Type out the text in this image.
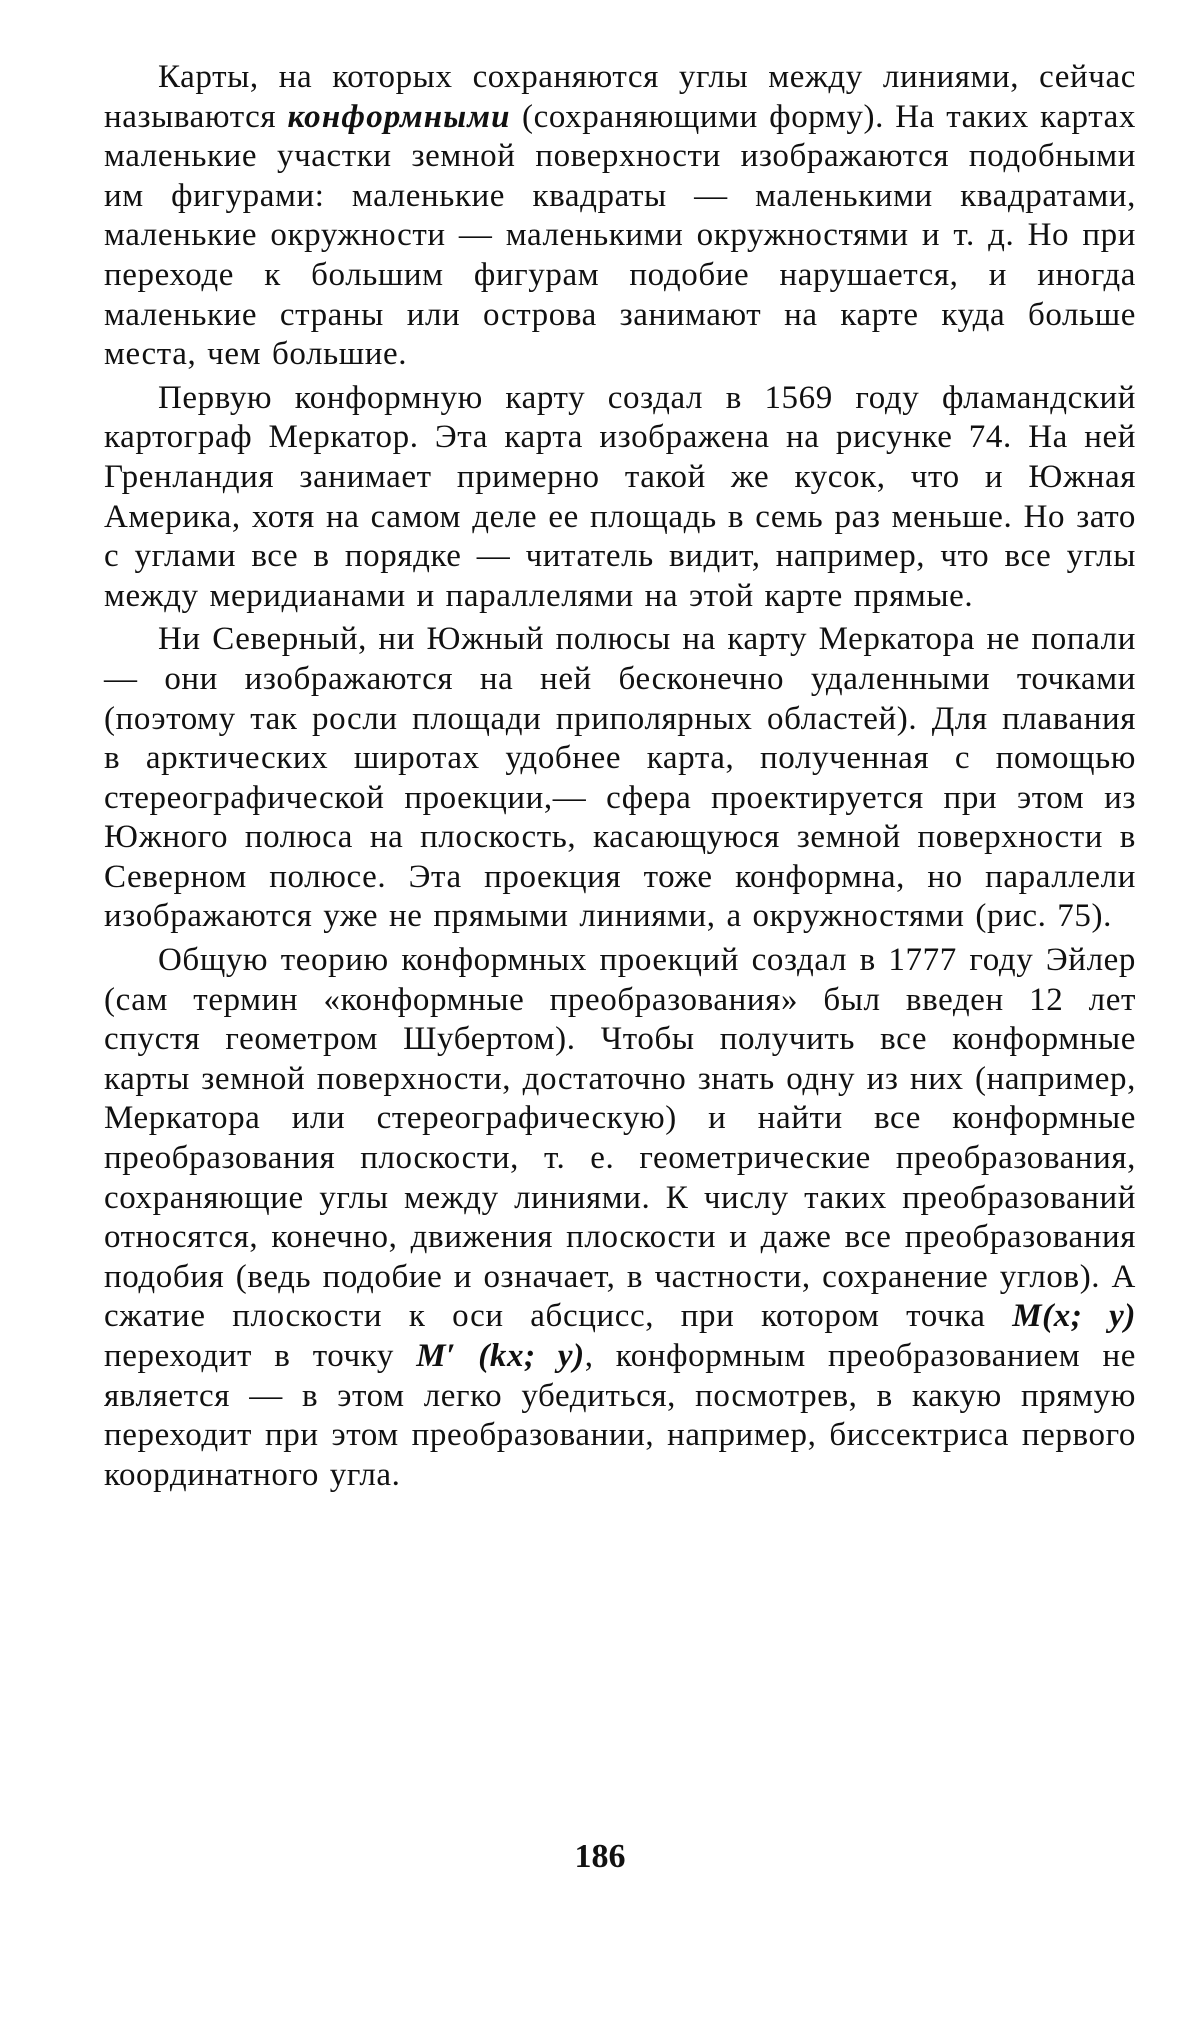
Карты, на которых сохраняются углы между линиями, сейчас называются конформными (сохраняющими форму). На таких картах маленькие участки земной поверхности изображаются подобными им фигурами: маленькие квадраты — маленькими квадратами, маленькие окружности — маленькими окружностями и т. д. Но при переходе к большим фигурам подобие нарушается, и иногда маленькие страны или острова занимают на карте куда больше места, чем большие.

Первую конформную карту создал в 1569 году фламандский картограф Меркатор. Эта карта изображена на рисунке 74. На ней Гренландия занимает примерно такой же кусок, что и Южная Америка, хотя на самом деле ее площадь в семь раз меньше. Но зато с углами все в порядке — читатель видит, например, что все углы между меридианами и параллелями на этой карте прямые.

Ни Северный, ни Южный полюсы на карту Меркатора не попали — они изображаются на ней бесконечно удаленными точками (поэтому так росли площади приполярных областей). Для плавания в арктических широтах удобнее карта, полученная с помощью стереографической проекции,— сфера проектируется при этом из Южного полюса на плоскость, касающуюся земной поверхности в Северном полюсе. Эта проекция тоже конформна, но параллели изображаются уже не прямыми линиями, а окружностями (рис. 75).

Общую теорию конформных проекций создал в 1777 году Эйлер (сам термин «конформные преобразования» был введен 12 лет спустя геометром Шубертом). Чтобы получить все конформные карты земной поверхности, достаточно знать одну из них (например, Меркатора или стереографическую) и найти все конформные преобразования плоскости, т. е. геометрические преобразования, сохраняющие углы между линиями. К числу таких преобразований относятся, конечно, движения плоскости и даже все преобразования подобия (ведь подобие и означает, в частности, сохранение углов). А сжатие плоскости к оси абсцисс, при котором точка M(x; y) переходит в точку M′ (kx; y), конформным преобразованием не является — в этом легко убедиться, посмотрев, в какую прямую переходит при этом преобразовании, например, биссектриса первого координатного угла.

186
